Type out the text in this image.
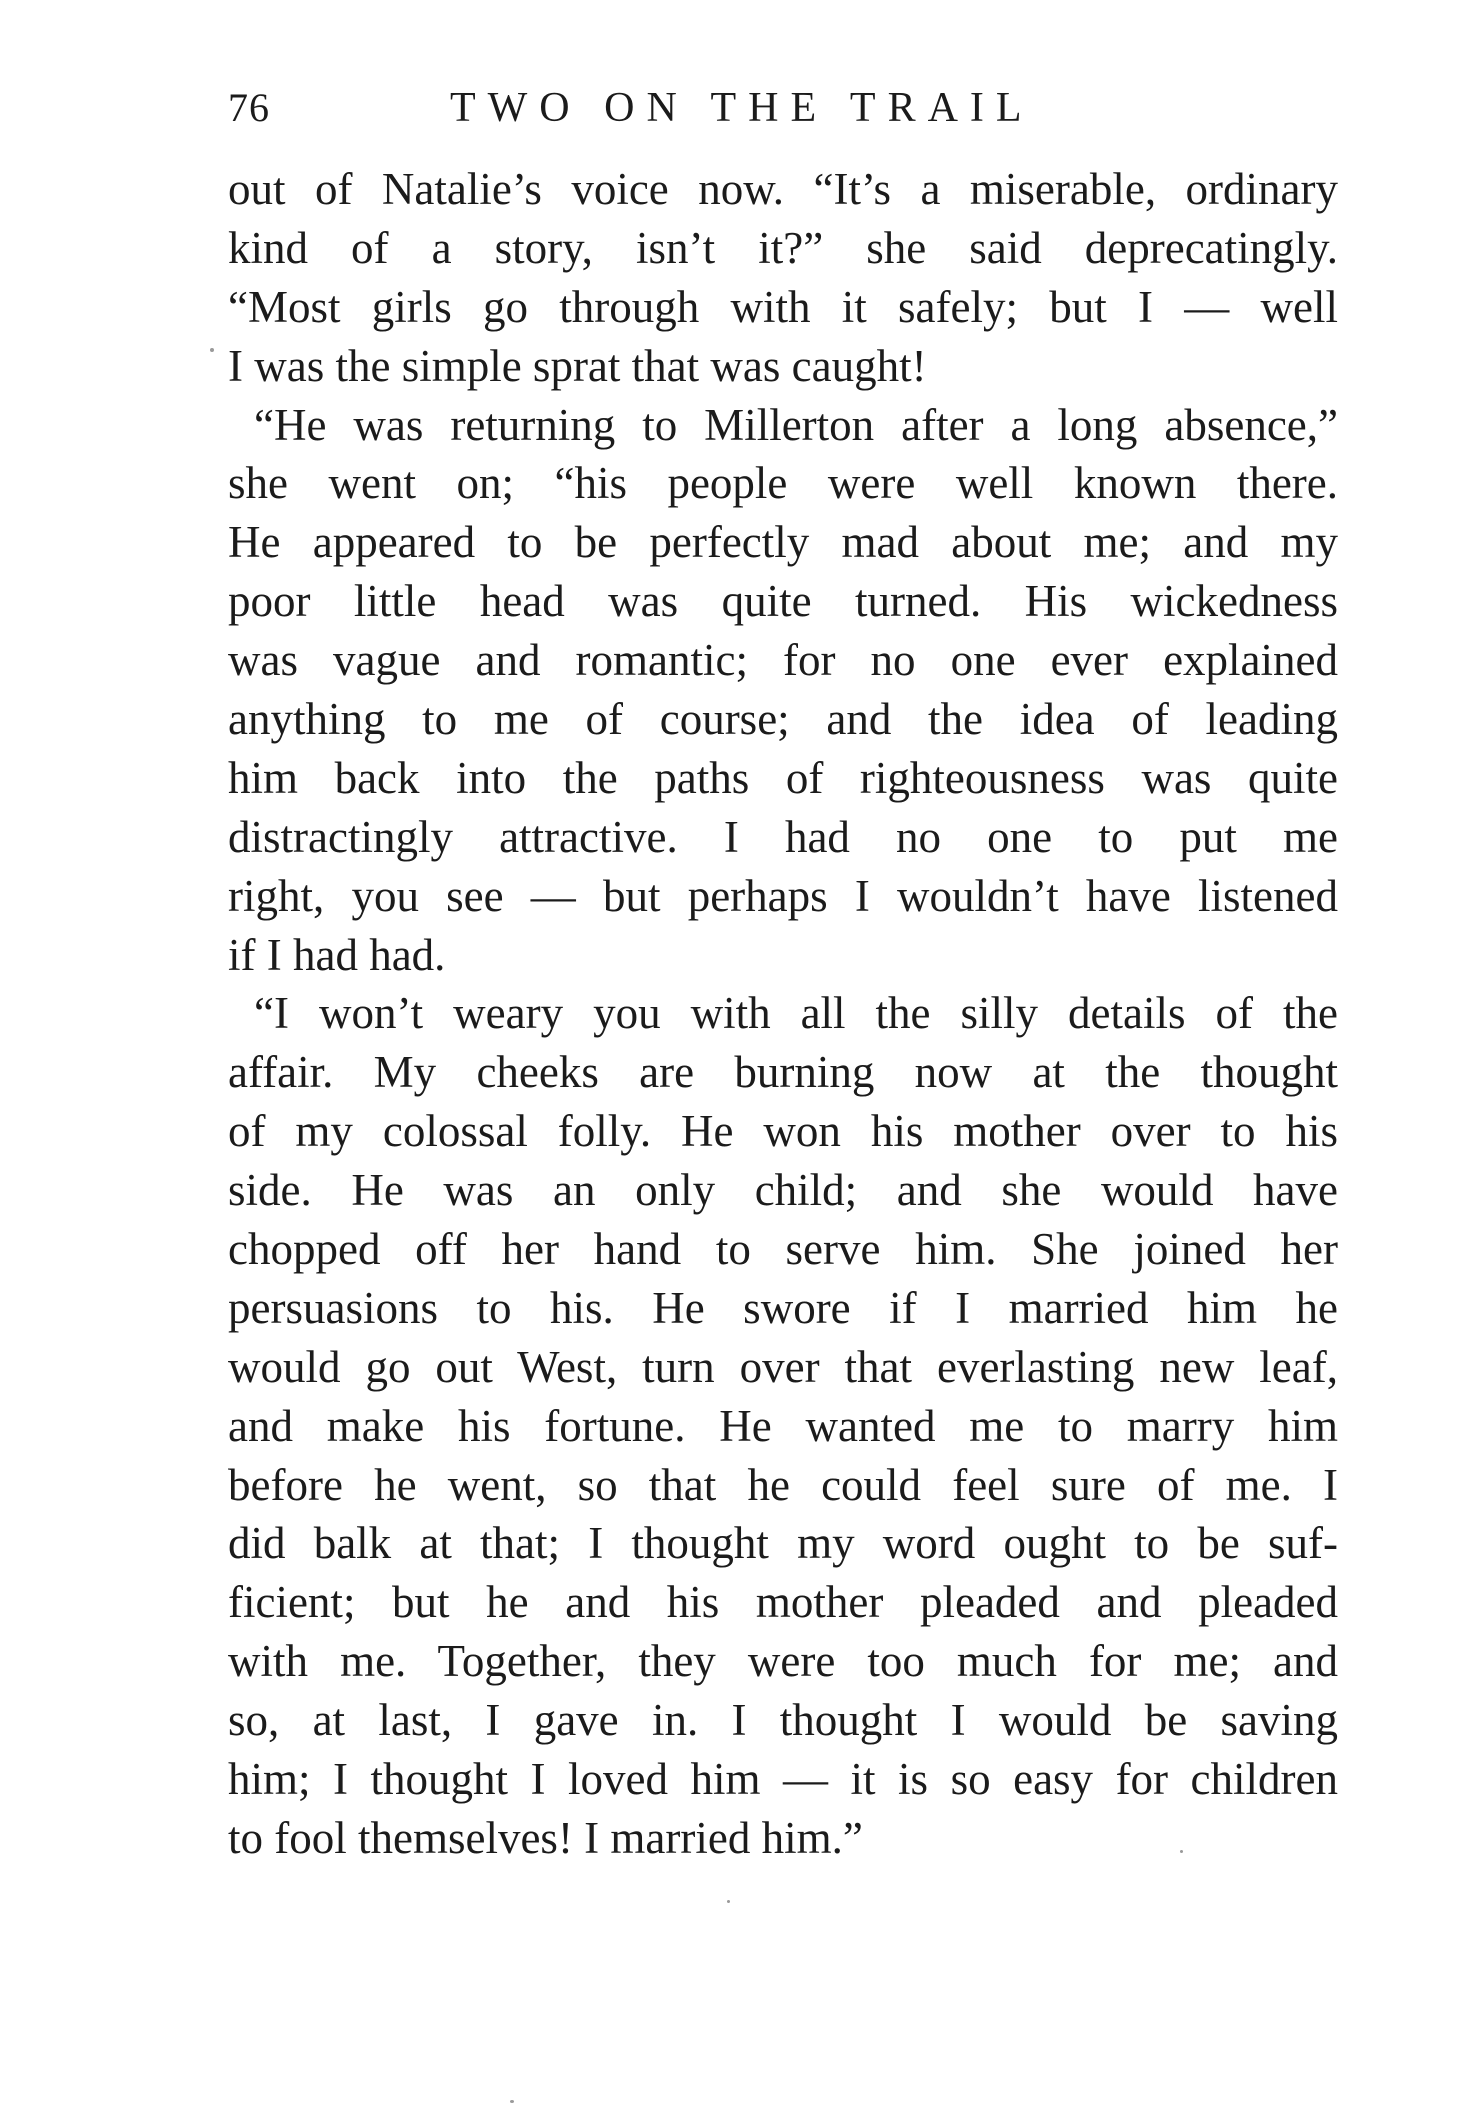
76	TWO ON THE TRAIL
out of Natalie’s voice now. “It’s a miserable, ordinary
kind of a story, isn’t it?” she said deprecatingly.
“Most girls go through with it safely; but I — well
I was the simple sprat that was caught!
“He was returning to Millerton after a long absence,”
she went on; “his people were well known there.
He appeared to be perfectly mad about me; and my
poor little head was quite turned. His wickedness
was vague and romantic; for no one ever explained
anything to me of course; and the idea of leading
him back into the paths of righteousness was quite
distractingly attractive. I had no one to put me
right, you see — but perhaps I wouldn’t have listened
if I had had.
“I won’t weary you with all the silly details of the
affair. My cheeks are burning now at the thought
of my colossal folly. He won his mother over to his
side. He was an only child; and she would have
chopped off her hand to serve him. She joined her
persuasions to his. He swore if I married him he
would go out West, turn over that everlasting new leaf,
and make his fortune. He wanted me to marry him
before he went, so that he could feel sure of me. I
did balk at that; I thought my word ought to be suf-
ficient; but he and his mother pleaded and pleaded
with me. Together, they were too much for me; and
so, at last, I gave in. I thought I would be saving
him; I thought I loved him — it is so easy for children
to fool themselves! I married him.”
